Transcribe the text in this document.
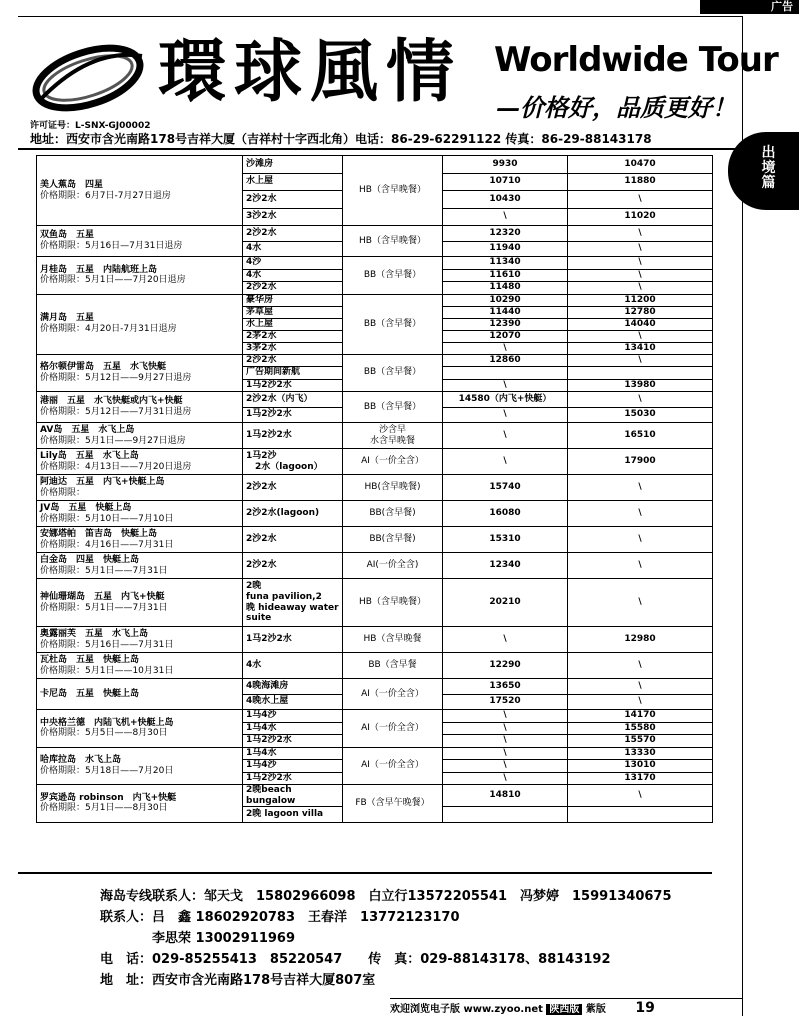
广告
環球風情 Worldwide Tour
—价格好，品质更好！
许可证号：L-SNX-GJ00002
地址：西安市含光南路178号吉祥大厦（吉祥村十字西北角）电话：86-29-62291122 传真：86-29-88143178
出
境
篇
美人蕉岛　四星
价格期限：6月7日-7月27日退房	沙滩房	HB（含早晚餐）	9930	10470
	水上屋		10710	11880
	2沙2水		10430	\
	3沙2水		\	11020
双鱼岛　五星
价格期限：5月16日—7月31日退房	2沙2水	HB（含早晚餐）	12320	\
	4水		11940	\
月桂岛　五星　内陆航班上岛
价格期限：5月1日——7月20日退房	4沙	BB（含早餐）	11340	\
	4水		11610	\
	2沙2水		11480	\
满月岛　五星
价格期限：4月20日-7月31日退房	豪华房	BB（含早餐）	10290	11200
	茅草屋		11440	12780
	水上屋		12390	14040
	2茅2水		12070	\
	3茅2水		\	13410
格尔顿伊雷岛　五星　水飞快艇
价格期限：5月12日——9月27日退房	2沙2水	BB（含早餐）	12860	\
	广告期间新航			
	1马2沙2水		\	13980
港丽　五星　水飞快艇或内飞+快艇
价格期限：5月12日——7月31日退房	2沙2水（内飞）	BB（含早餐）	14580（内飞+快艇）	\
	1马2沙2水		\	15030
AV岛　五星　水飞上岛
价格期限：5月1日——9月27日退房	1马2沙2水	沙含早
水含早晚餐	\	16510
Lily岛　五星　水飞上岛
价格期限：4月13日——7月20日退房	1马2沙
　2水（lagoon）	AI（一价全含）	\	17900
阿迪达　五星　内飞+快艇上岛
价格期限：	2沙2水	HB(含早晚餐)	15740	\
JV岛　五星　快艇上岛
价格期限：5月10日——7月10日	2沙2水(lagoon)	BB(含早餐)	16080	\
安娜塔帕　笛吉岛　快艇上岛
价格期限：4月16日——7月31日	2沙2水	BB(含早餐)	15310	\
白金岛　四星　快艇上岛
价格期限：5月1日——7月31日	2沙2水	AI(一价全含)	12340	\
神仙珊瑚岛　五星　内飞+快艇
价格期限：5月1日——7月31日	2晚
funa pavilion,2
晚 hideaway water
suite	HB（含早晚餐）	20210	\
奥露丽芙　五星　水飞上岛
价格期限：5月16日——7月31日	1马2沙2水	HB（含早晚餐	\	12980
瓦杜岛　五星　快艇上岛
价格期限：5月1日——10月31日	4水	BB（含早餐	12290	\
卡尼岛　五星　快艇上岛	4晚海滩房	AI（一价全含）	13650	\
	4晚水上屋		17520	\
中央格兰德　内陆飞机+快艇上岛
价格期限：5月5日——8月30日	1马4沙	AI（一价全含）	\	14170
	1马4水		\	15580
	1马2沙2水		\	15570
哈库拉岛　水飞上岛
价格期限：5月18日——7月20日	1马4水	AI（一价全含）	\	13330
	1马4沙		\	13010
	1马2沙2水		\	13170
罗宾逊岛 robinson　内飞+快艇
价格期限：5月1日——8月30日	2晚beach bungalow	FB（含早午晚餐）	14810	\
	2晚 lagoon villa			
海岛专线联系人：邹天戈　15802966098　白立行13572205541　冯梦婷　15991340675
联系人：吕　鑫 18602920783　王春洋　13772123170
　　　　李思荣 13002911969
电　话：029-85255413　85220547　　传　真：029-88143178、88143192
地　址：西安市含光南路178号吉祥大厦807室
欢迎浏览电子版 www.zyoo.net 陕西版 紫版 19
